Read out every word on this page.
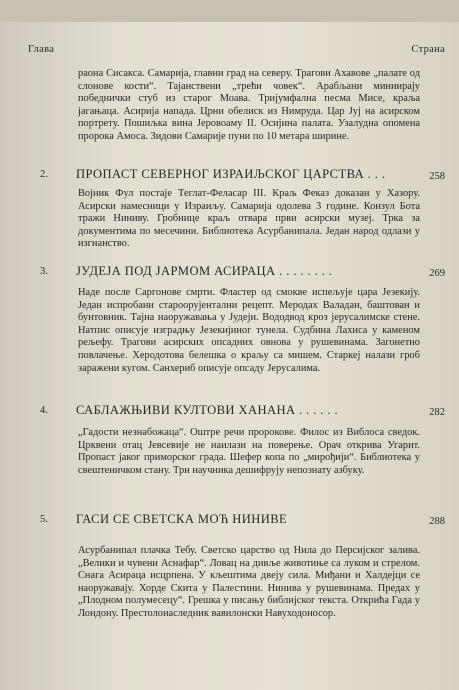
Глава	Страна

раона Сисакса. Самарија, главни град на северу. Трагови Ахавове „палате од слонове кости“. Тајанствени „трећи човек“. Арабљани миниирају победнички стуб из старог Моава. Тријумфална песма Мисе, краља јагањаца. Асирија напада. Црни обелиск из Нимруда. Цар Јуј на асирском портрету. Пошиљка вина Јеровоаму II. Осијина палата. Узалудна опомена пророка Амоса. Зидови Самарије пуни по 10 метара ширине.

2. ПРОПАСТ СЕВЕРНОГ ИЗРАИЉСКОГ ЦАРСТВА . . .	258

Војник Фул постаје Теглат-Феласар III. Краљ Феказ доказан у Хазору. Асирски намесници у Израиљу. Самарија одолева 3 године. Конзул Бота тражи Ниниву. Гробнице краљ отвара први асирски музеј. Трка за документима по месечини. Библиотека Асурбанипала. Један народ одлази у изгнанство.

3. ЈУДЕЈА ПОД ЈАРМОМ АСИРАЦА . . . . . . . .	269

Наде после Саргонове смрти. Фластер од смокве испељује цара Језекију. Један испробани староорујентални рецепт. Меродах Валадан, баштован и бунтовник. Тајна наоружавања у Јудеји. Вододвод кроз јерусалимске стене. Натпис описује изградњу Језекијиног тунела. Судбина Лахиса у каменом рељефу. Трагови асирских опсадних овнова у рушевинама. Загонетно повлачење. Херодотова белешка о краљу са мишем. Старкеј налази гроб заражени кугом. Санхериб описује опсаду Јерусалима.

4. САБЛАЖЊИВИ КУЛТОВИ ХАНАНА . . . . . .	282

„Гадости незнабожаца“. Оштре речи пророкове. Филос из Виблоса сведок. Црквени отац Јевсевије не наилази на поверење. Орач открива Угарит. Пропаст јаког приморског града. Шефер копа по „мирођији“. Библиотека у свештеничком стану. Трн научника дешифрују непознату азбуку.

5. ГАСИ СЕ СВЕТСКА МОЋ НИНИВЕ	288

Асурбанипал плачка Тебу. Светско царство од Нила до Персијског залива. „Велики и чувени Аснафар“. Ловац на дивље животиње са луком и стрелом. Снага Асираца исцрпена. У кљештима двеју сила. Миђани и Халдејци се наоружавају. Хорде Скита у Палестини. Нинива у рушевинама. Предах у „Плодном полумесецу“. Грешка у писању библијског текста. Открића Гада у Лондону. Престолонаследник вавилонски Навуходоносор.
